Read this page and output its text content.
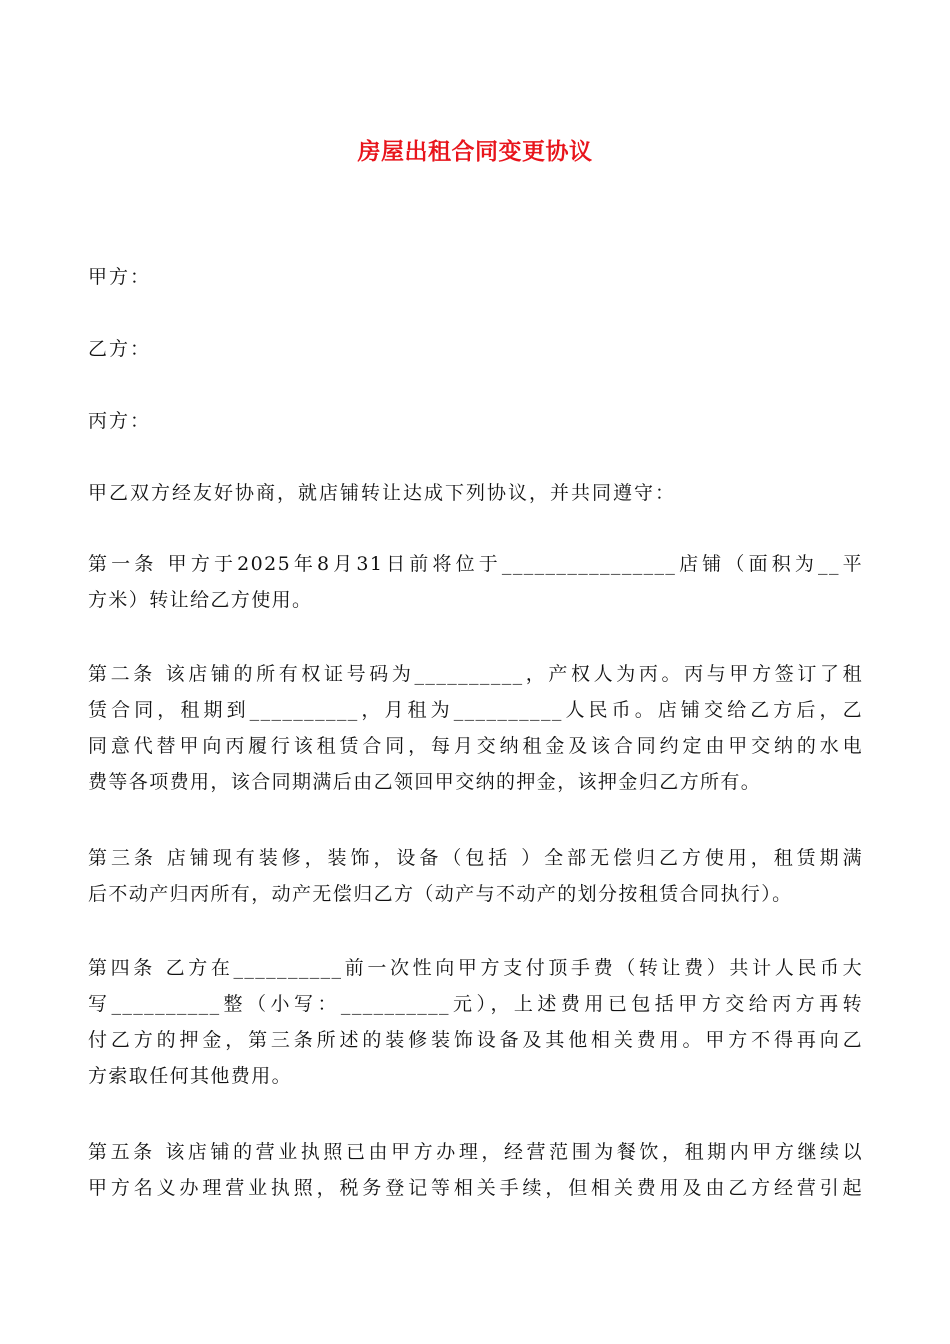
房屋出租合同变更协议
甲方：
乙方：
丙方：
甲乙双方经友好协商，就店铺转让达成下列协议，并共同遵守：
第一条 甲方于2025年8月31日前将位于________________店铺（面积为__平
方米）转让给乙方使用。
第二条 该店铺的所有权证号码为__________，产权人为丙。丙与甲方签订了租
赁合同，租期到__________，月租为__________人民币。店铺交给乙方后，乙
同意代替甲向丙履行该租赁合同，每月交纳租金及该合同约定由甲交纳的水电
费等各项费用，该合同期满后由乙领回甲交纳的押金，该押金归乙方所有。
第三条 店铺现有装修，装饰，设备（包括 ）全部无偿归乙方使用，租赁期满
后不动产归丙所有，动产无偿归乙方（动产与不动产的划分按租赁合同执行）。
第四条 乙方在__________前一次性向甲方支付顶手费（转让费）共计人民币大
写__________整（小写：__________元），上述费用已包括甲方交给丙方再转
付乙方的押金，第三条所述的装修装饰设备及其他相关费用。甲方不得再向乙
方索取任何其他费用。
第五条 该店铺的营业执照已由甲方办理，经营范围为餐饮，租期内甲方继续以
甲方名义办理营业执照，税务登记等相关手续，但相关费用及由乙方经营引起
